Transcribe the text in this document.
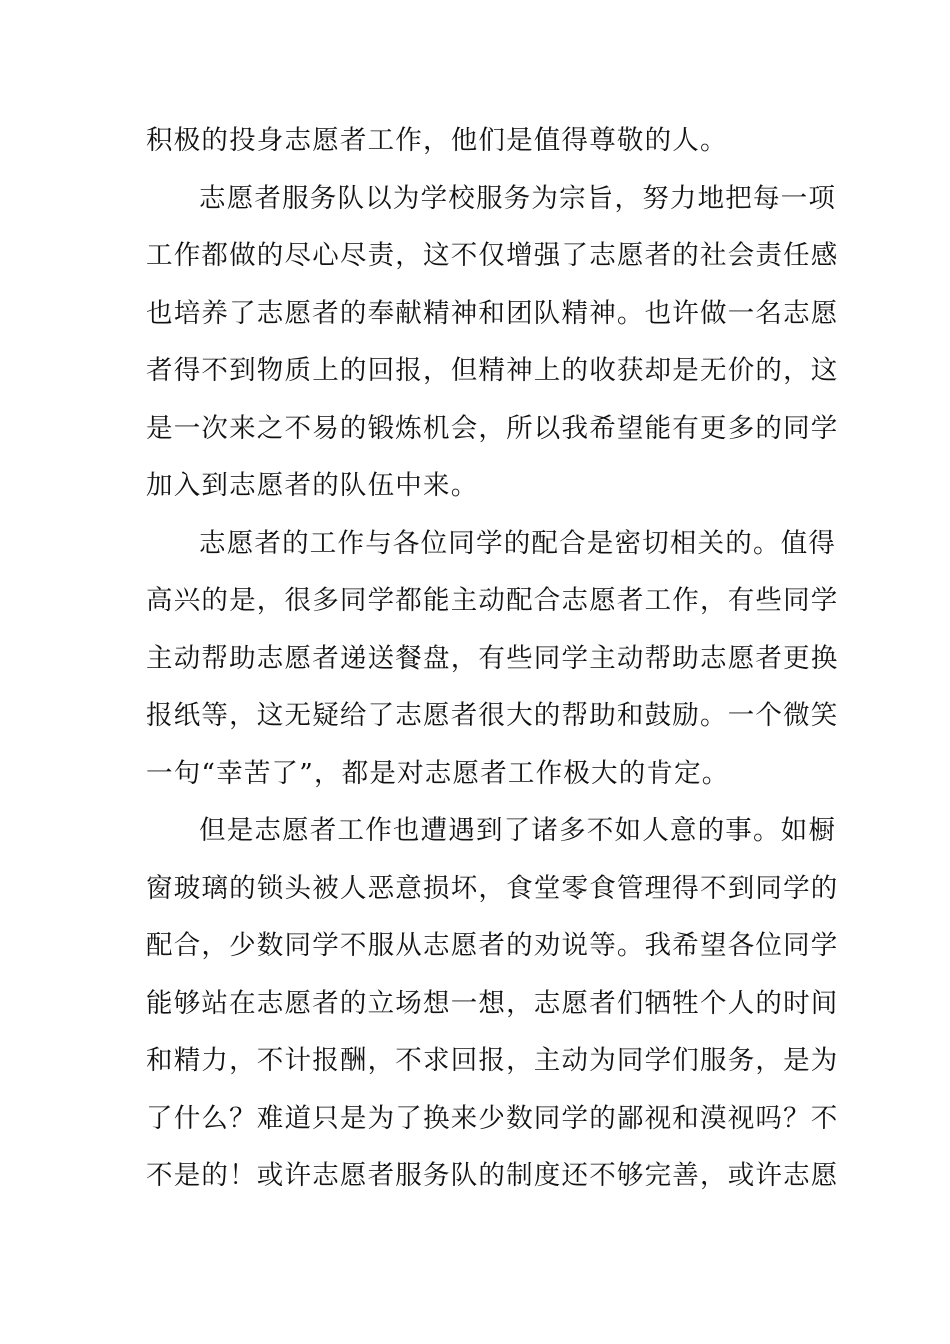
积极的投身志愿者工作，他们是值得尊敬的人。
志愿者服务队以为学校服务为宗旨，努力地把每一项
工作都做的尽心尽责，这不仅增强了志愿者的社会责任感
也培养了志愿者的奉献精神和团队精神。也许做一名志愿
者得不到物质上的回报，但精神上的收获却是无价的，这
是一次来之不易的锻炼机会，所以我希望能有更多的同学
加入到志愿者的队伍中来。
志愿者的工作与各位同学的配合是密切相关的。值得
高兴的是，很多同学都能主动配合志愿者工作，有些同学
主动帮助志愿者递送餐盘，有些同学主动帮助志愿者更换
报纸等，这无疑给了志愿者很大的帮助和鼓励。一个微笑
一句“幸苦了”，都是对志愿者工作极大的肯定。
但是志愿者工作也遭遇到了诸多不如人意的事。如橱
窗玻璃的锁头被人恶意损坏，食堂零食管理得不到同学的
配合，少数同学不服从志愿者的劝说等。我希望各位同学
能够站在志愿者的立场想一想，志愿者们牺牲个人的时间
和精力，不计报酬，不求回报，主动为同学们服务，是为
了什么？难道只是为了换来少数同学的鄙视和漠视吗？不
不是的！或许志愿者服务队的制度还不够完善，或许志愿
